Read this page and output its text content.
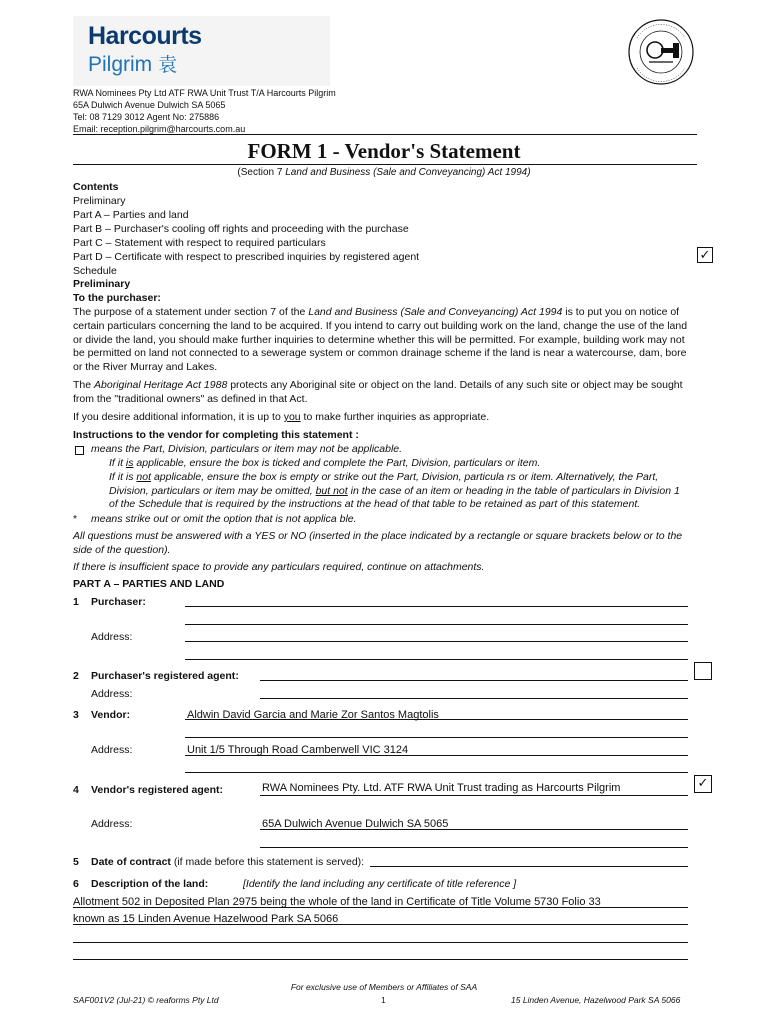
Harcourts
Pilgrim 袁
RWA Nominees Pty Ltd ATF RWA Unit Trust T/A Harcourts Pilgrim
65A Dulwich Avenue Dulwich SA 5065
Tel: 08 7129 3012 Agent No: 275886
Email: reception.pilgrim@harcourts.com.au
FORM 1 - Vendor's Statement
(Section 7 Land and Business (Sale and Conveyancing) Act 1994)
Contents
Preliminary
Part A – Parties and land
Part B – Purchaser's cooling off rights and proceeding with the purchase
Part C – Statement with respect to required particulars
Part D – Certificate with respect to prescribed inquiries by registered agent
Schedule
✓
Preliminary
To the purchaser:
The purpose of a statement under section 7 of the Land and Business (Sale and Conveyancing) Act 1994 is to put you on notice of certain particulars concerning the land to be acquired. If you intend to carry out building work on the land, change the use of the land or divide the land, you should make further inquiries to determine whether this will be permitted. For example, building work may not be permitted on land not connected to a sewerage system or common drainage scheme if the land is near a watercourse, dam, bore or the River Murray and Lakes.
The Aboriginal Heritage Act 1988 protects any Aboriginal site or object on the land. Details of any such site or object may be sought from the "traditional owners" as defined in that Act.
If you desire additional information, it is up to you to make further inquiries as appropriate.
Instructions to the vendor for completing this statement :
means the Part, Division, particulars or item may not be applicable.
If it is applicable, ensure the box is ticked and complete the Part, Division, particulars or item.
If it is not applicable, ensure the box is empty or strike out the Part, Division, particula rs or item. Alternatively, the Part,
Division, particulars or item may be omitted, but not in the case of an item or heading in the table of particulars in Division 1
of the Schedule that is required by the instructions at the head of that table to be retained as part of this statement.
* means strike out or omit the option that is not applica ble.
All questions must be answered with a YES or NO (inserted in the place indicated by a rectangle or square brackets below or to the side of the question).
If there is insufficient space to provide any particulars required, continue on attachments.
PART A – PARTIES AND LAND
1 Purchaser:
Address:
2 Purchaser's registered agent:
Address:
3 Vendor:	Aldwin David Garcia and Marie Zor Santos Magtolis
Address:	Unit 1/5 Through Road Camberwell VIC 3124
4 Vendor's registered agent:	RWA Nominees Pty. Ltd. ATF RWA Unit Trust trading as Harcourts Pilgrim	✓
Address:	65A Dulwich Avenue Dulwich SA 5065
5 Date of contract (if made before this statement is served):
6 Description of the land:	[Identify the land including any certificate of title reference ]
Allotment 502 in Deposited Plan 2975 being the whole of the land in Certificate of Title Volume 5730 Folio 33
known as 15 Linden Avenue Hazelwood Park SA 5066
For exclusive use of Members or Affiliates of SAA
SAF001V2 (Jul-21) © reaforms Pty Ltd	1	15 Linden Avenue, Hazelwood Park SA 5066
